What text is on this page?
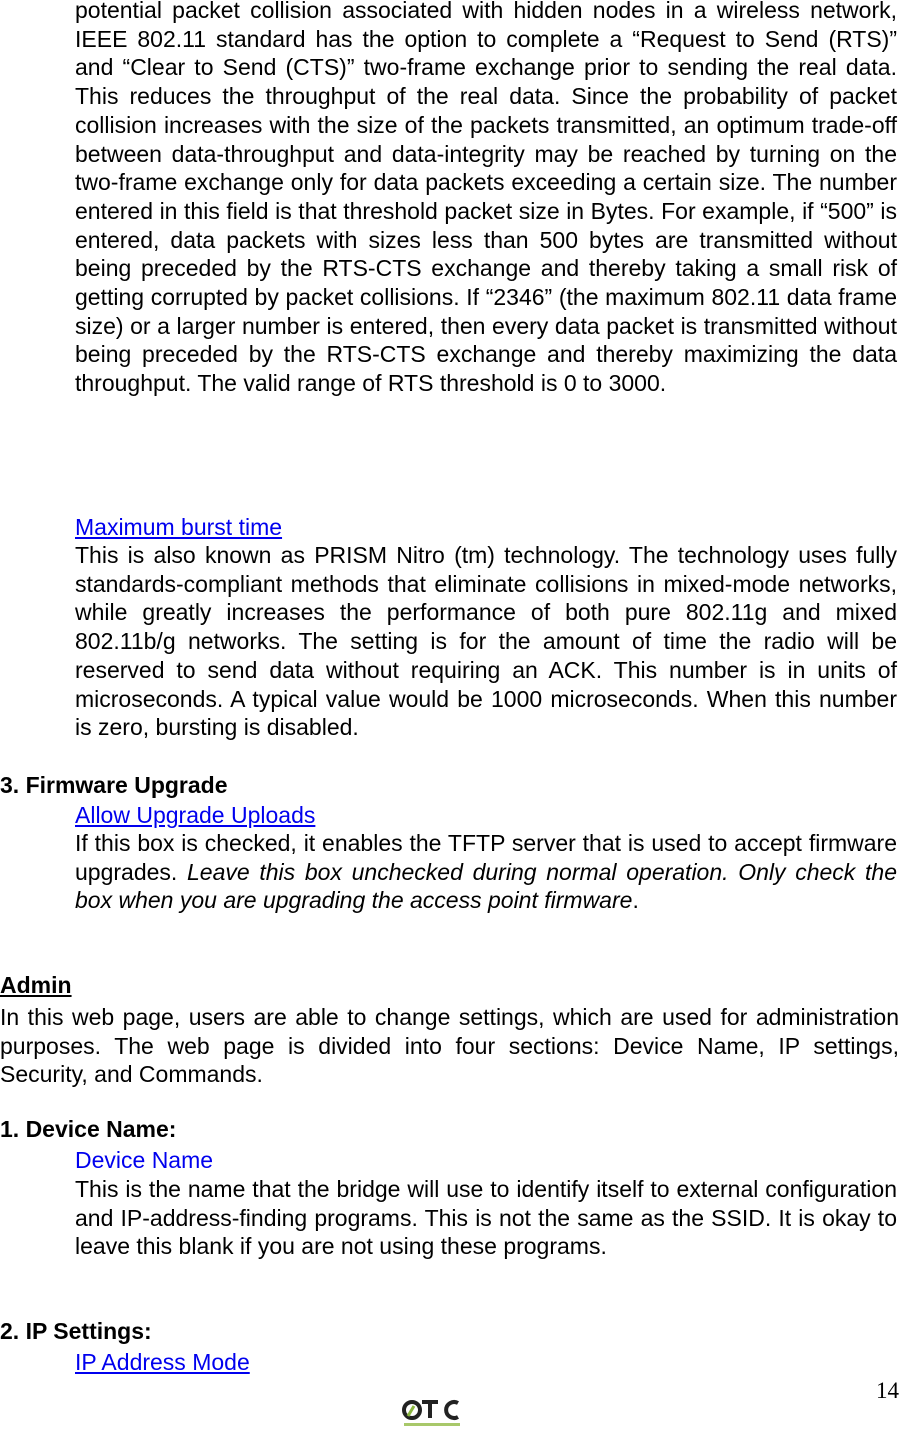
potential packet collision associated with hidden nodes in a wireless network, IEEE 802.11 standard has the option to complete a “Request to Send (RTS)” and “Clear to Send (CTS)” two-frame exchange prior to sending the real data. This reduces the throughput of the real data. Since the probability of packet collision increases with the size of the packets transmitted, an optimum trade-off between data-throughput and data-integrity may be reached by turning on the two-frame exchange only for data packets exceeding a certain size. The number entered in this field is that threshold packet size in Bytes. For example, if “500” is entered, data packets with sizes less than 500 bytes are transmitted without being preceded by the RTS-CTS exchange and thereby taking a small risk of getting corrupted by packet collisions. If “2346” (the maximum 802.11 data frame size) or a larger number is entered, then every data packet is transmitted without being preceded by the RTS-CTS exchange and thereby maximizing the data throughput. The valid range of RTS threshold is 0 to 3000.
Maximum burst time
This is also known as PRISM Nitro (tm) technology. The technology uses fully standards-compliant methods that eliminate collisions in mixed-mode networks, while greatly increases the performance of both pure 802.11g and mixed 802.11b/g networks. The setting is for the amount of time the radio will be reserved to send data without requiring an ACK. This number is in units of microseconds. A typical value would be 1000 microseconds. When this number is zero, bursting is disabled.
3. Firmware Upgrade
Allow Upgrade Uploads
If this box is checked, it enables the TFTP server that is used to accept firmware upgrades. Leave this box unchecked during normal operation. Only check the box when you are upgrading the access point firmware.
Admin
In this web page, users are able to change settings, which are used for administration purposes. The web page is divided into four sections: Device Name, IP settings, Security, and Commands.
1. Device Name:
Device Name
This is the name that the bridge will use to identify itself to external configuration and IP-address-finding programs. This is not the same as the SSID. It is okay to leave this blank if you are not using these programs.
2. IP Settings:
IP Address Mode
14
